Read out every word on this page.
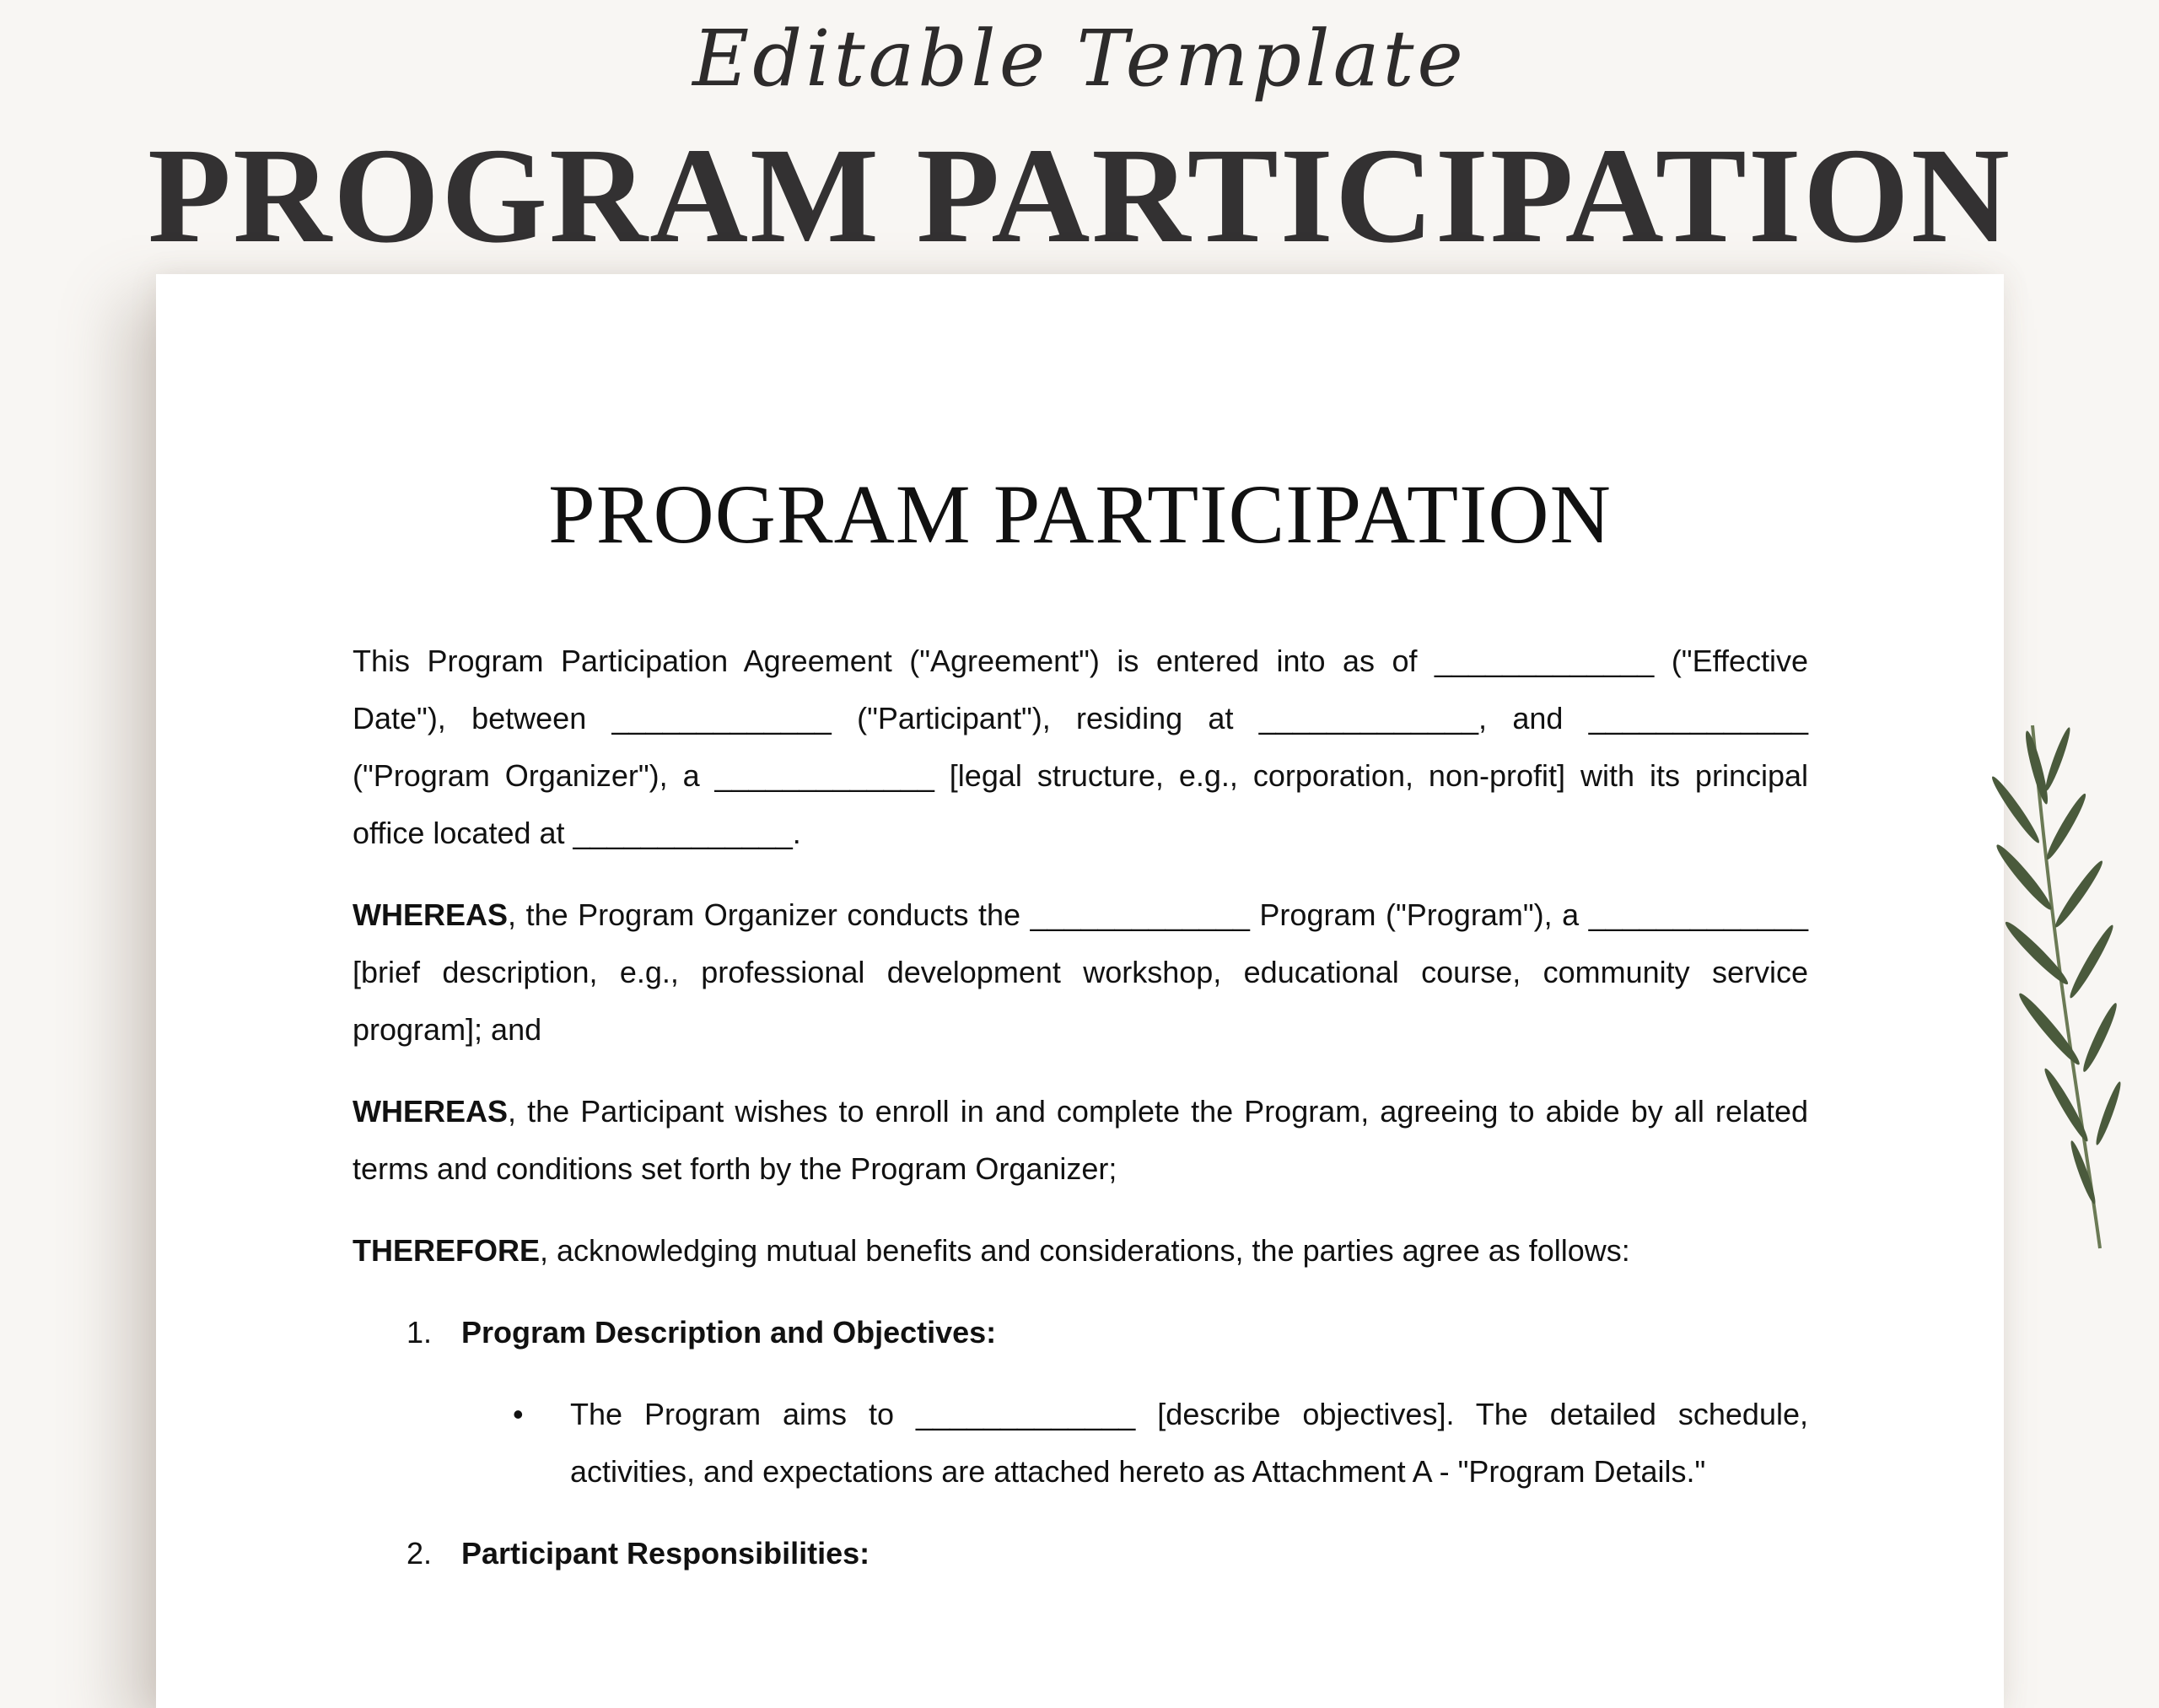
Editable Template
PROGRAM PARTICIPATION
PROGRAM PARTICIPATION

This Program Participation Agreement ("Agreement") is entered into as of _____________ ("Effective Date"), between _____________ ("Participant"), residing at _____________, and _____________ ("Program Organizer"), a _____________ [legal structure, e.g., corporation, non-profit] with its principal office located at _____________.

WHEREAS, the Program Organizer conducts the _____________ Program ("Program"), a _____________ [brief description, e.g., professional development workshop, educational course, community service program]; and

WHEREAS, the Participant wishes to enroll in and complete the Program, agreeing to abide by all related terms and conditions set forth by the Program Organizer;

THEREFORE, acknowledging mutual benefits and considerations, the parties agree as follows:

1. Program Description and Objectives:
•	The Program aims to _____________ [describe objectives]. The detailed schedule, activities, and expectations are attached hereto as Attachment A - "Program Details."
2. Participant Responsibilities:
